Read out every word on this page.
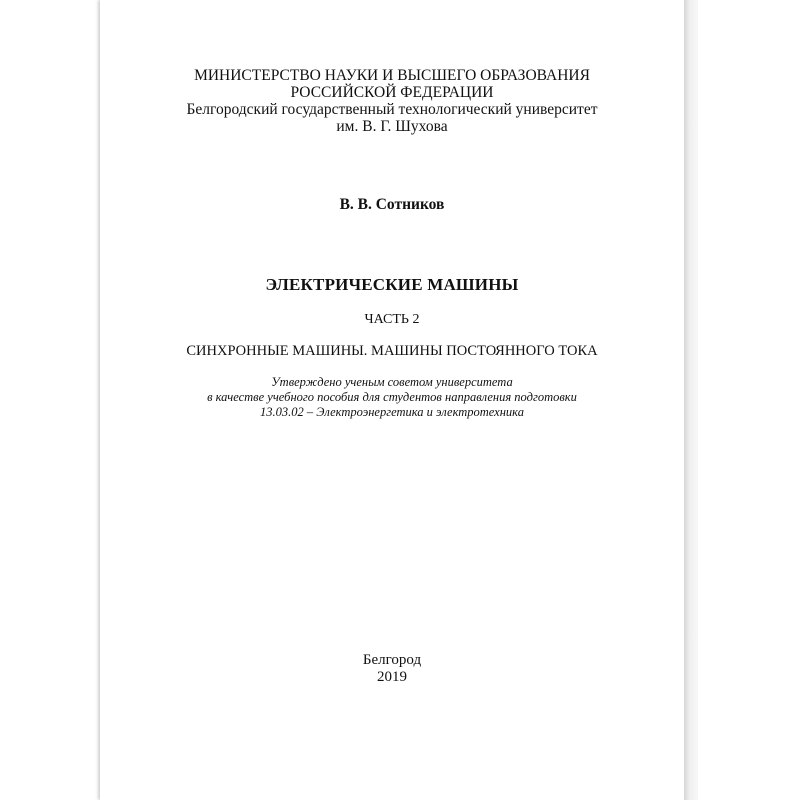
МИНИСТЕРСТВО НАУКИ И ВЫСШЕГО ОБРАЗОВАНИЯ
РОССИЙСКОЙ ФЕДЕРАЦИИ
Белгородский государственный технологический университет
им. В. Г. Шухова
В. В. Сотников
ЭЛЕКТРИЧЕСКИЕ МАШИНЫ
ЧАСТЬ 2
СИНХРОННЫЕ МАШИНЫ. МАШИНЫ ПОСТОЯННОГО ТОКА
Утверждено ученым советом университета
в качестве учебного пособия для студентов направления подготовки
13.03.02 – Электроэнергетика и электротехника
Белгород
2019
